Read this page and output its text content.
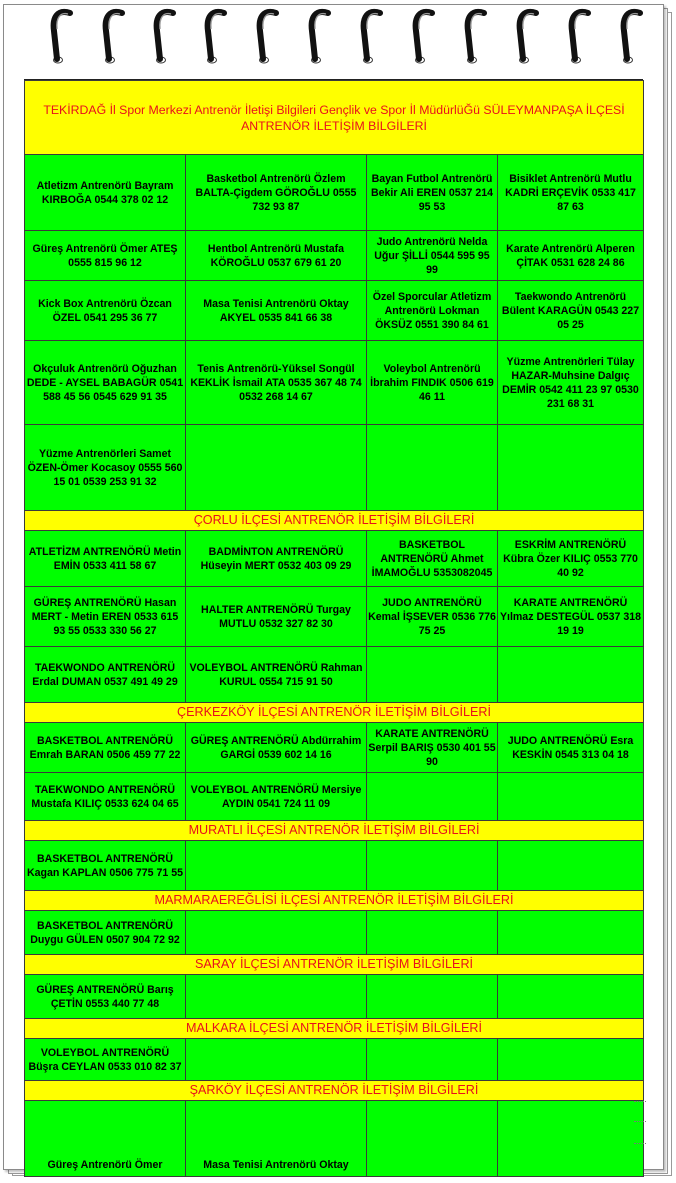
TEKİRDAĞ İl Spor Merkezi Antrenör İletişi Bilgileri Gençlik ve Spor İl MüdürlüĞü SÜLEYMANPAŞA İLÇESİ ANTRENÖR İLETİŞİM BİLGİLERİ			
Atletizm Antrenörü Bayram KIRBOĞA 0544 378 02 12	Basketbol Antrenörü Özlem BALTA-Çigdem GÖROĞLU 0555 732 93 87	Bayan Futbol Antrenörü Bekir Ali EREN 0537 214 95 53	Bisiklet Antrenörü Mutlu KADRİ ERÇEVİK 0533 417 87 63
Güreş Antrenörü Ömer ATEŞ 0555 815 96 12	Hentbol Antrenörü Mustafa KÖROĞLU 0537 679 61 20	Judo Antrenörü Nelda Uğur ŞİLLİ 0544 595 95 99	Karate Antrenörü Alperen ÇİTAK 0531 628 24 86
Kick Box Antrenörü Özcan ÖZEL 0541 295 36 77	Masa Tenisi Antrenörü Oktay AKYEL 0535 841 66 38	Özel Sporcular Atletizm Antrenörü Lokman ÖKSÜZ 0551 390 84 61	Taekwondo Antrenörü Bülent KARAGÜN 0543 227 05 25
Okçuluk Antrenörü Oğuzhan DEDE - AYSEL BABAGÜR 0541 588 45 56 0545 629 91 35	Tenis Antrenörü-Yüksel Songül KEKLİK İsmail ATA 0535 367 48 74 0532 268 14 67	Voleybol Antrenörü İbrahim FINDIK 0506 619 46 11	Yüzme Antrenörleri Tülay HAZAR-Muhsine Dalgıç DEMİR 0542 411 23 97 0530 231 68 31
Yüzme Antrenörleri Samet ÖZEN-Ömer Kocasoy 0555 560 15 01 0539 253 91 32			
ÇORLU İLÇESİ ANTRENÖR İLETİŞİM BİLGİLERİ			
ATLETİZM ANTRENÖRÜ Metin EMİN 0533 411 58 67	BADMİNTON ANTRENÖRÜ Hüseyin MERT 0532 403 09 29	BASKETBOL ANTRENÖRÜ Ahmet İMAMOĞLU 5353082045	ESKRİM ANTRENÖRÜ Kübra Özer KILIÇ 0553 770 40 92
GÜREŞ ANTRENÖRÜ Hasan MERT - Metin EREN 0533 615 93 55 0533 330 56 27	HALTER ANTRENÖRÜ Turgay MUTLU 0532 327 82 30	JUDO ANTRENÖRÜ Kemal İŞSEVER 0536 776 75 25	KARATE ANTRENÖRÜ Yılmaz DESTEGÜL 0537 318 19 19
TAEKWONDO ANTRENÖRÜ Erdal DUMAN 0537 491 49 29	VOLEYBOL ANTRENÖRÜ Rahman KURUL 0554 715 91 50		
ÇERKEZKÖY İLÇESİ ANTRENÖR İLETİŞİM BİLGİLERİ			
BASKETBOL ANTRENÖRÜ Emrah BARAN 0506 459 77 22	GÜREŞ ANTRENÖRÜ Abdürrahim GARGİ 0539 602 14 16	KARATE ANTRENÖRÜ Serpil BARIŞ 0530 401 55 90	JUDO ANTRENÖRÜ Esra KESKİN 0545 313 04 18
TAEKWONDO ANTRENÖRÜ Mustafa KILIÇ 0533 624 04 65	VOLEYBOL ANTRENÖRÜ Mersiye AYDIN 0541 724 11 09		
MURATLI İLÇESİ ANTRENÖR İLETİŞİM BİLGİLERİ			
BASKETBOL ANTRENÖRÜ Kagan KAPLAN 0506 775 71 55			
MARMARAEREĞLİSİ İLÇESİ ANTRENÖR İLETİŞİM BİLGİLERİ			
BASKETBOL ANTRENÖRÜ Duygu GÜLEN 0507 904 72 92			
SARAY İLÇESİ ANTRENÖR İLETİŞİM BİLGİLERİ			
GÜREŞ ANTRENÖRÜ Barış ÇETİN 0553 440 77 48			
MALKARA İLÇESİ ANTRENÖR İLETİŞİM BİLGİLERİ			
VOLEYBOL ANTRENÖRÜ Büşra CEYLAN 0533 010 82 37			
ŞARKÖY İLÇESİ ANTRENÖR İLETİŞİM BİLGİLERİ			
Güreş Antrenörü Ömer	Masa Tenisi Antrenörü Oktay		
